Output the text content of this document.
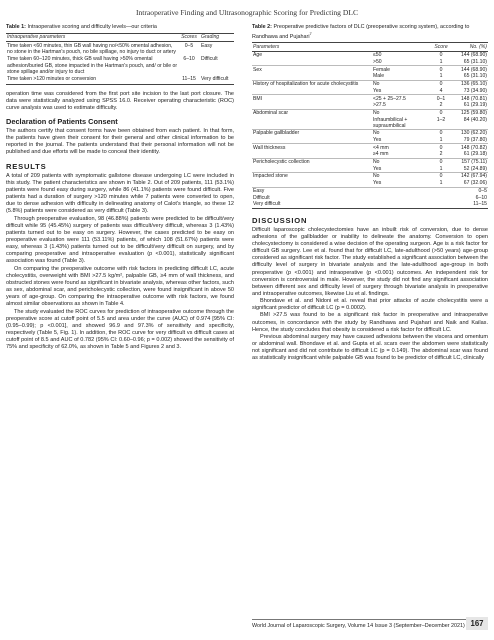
Intraoperative Finding and Ultrasonographic Scoring for Predicting DLC
Table 1: Intraoperative scoring and difficulty levels—our criteria
Intraoperative parameters	Scores	Grading
Time taken <60 minutes, thin GB wall having no/<50% omental adhesion, no stone in the Hartman's pouch, no bile spillage, no injury to duct or artery	0–5	Easy
Time taken 60–120 minutes, thick GB wall having >50% omental adhesion/buried GB, stone impacted in the Hartman's pouch, and/ or bile or stone spillage and/or injury to duct	6–10	Difficult
Time taken >120 minutes or conversion	11–15	Very difficult

operation time was considered from the first port site incision to the last port closure. The data were statistically analyzed using SPSS 16.0. Receiver operating characteristic (ROC) curve analysis was used to estimate difficulty.

Declaration of Patients Consent

The authors certify that consent forms have been obtained from each patient. In that form, the patients have given their consent for their general and other clinical information to be reported in the journal. The patients understand that their personal information will not be published and due efforts will be made to conceal their identity.

RESULTS

A total of 209 patients with symptomatic gallstone disease undergoing LC were included in this study. The patient characteristics are shown in Table 2. Out of 209 patients, 111 (53.1%) patients were found easy during surgery, while 86 (41.1%) patients were found difficult. Five patients had a duration of surgery >120 minutes while 7 patients were converted to open, due to dense adhesion with difficulty in delineating anatomy of Calot's triangle, so these 12 (5.8%) patients were considered as very difficult (Table 3).

Through preoperative evaluation, 98 (46.88%) patients were predicted to be difficult/very difficult while 95 (45.45%) surgery of patients was difficult/very difficult, whereas 3 (1.43%) patients turned out to be easy on surgery. However, the cases predicted to be easy on preoperative evaluation were 111 (53.11%) patients, of which 108 (51.67%) patients were easy, whereas 3 (1.43%) patients turned out to be difficult/very difficult on surgery, and by comparing preoperative and intraoperative evaluation (p <0.001), statistically significant association was found (Table 3).

On comparing the preoperative outcome with risk factors in predicting difficult LC, acute cholecystitis, overweight with BMI >27.5 kg/m², palpable GB, ≥4 mm of wall thickness, and obstructed stones were found as significant in bivariate analysis, whereas other factors, such as sex, abdominal scar, and pericholecystic collection, were found insignificant in above 50 years of age-group. On comparing the intraoperative outcome with risk factors, we found almost similar observations as shown in Table 4.

The study evaluated the ROC curves for prediction of intraoperative outcome through the preoperative score at cutoff point of 5.5 and area under the curve (AUC) of 0.974 [95% CI: (0.95–0.99); p <0.001], and showed 96.9 and 97.3% of sensitivity and specificity, respectively (Table 5, Fig. 1). In addition, the ROC curve for very difficult vs difficult cases at cutoff point of 8.5 and AUC of 0.782 (95% CI: 0.60–0.96; p = 0.002) showed the sensitivity of 75% and specificity of 62.0%, as shown in Table 5 and Figures 2 and 3.

Table 2: Preoperative predictive factors of DLC (preoperative scoring system), according to Randhawa and Pujahari$^7$
Parameters		Score	No. (%)
Age	≤50	0	144 (68.90)
	>50	1	65 (31.10)
Sex	Female	0	144 (68.90)
	Male	1	65 (31.10)
History of hospitalization for acute cholecystitis	No	0	136 (65.10)
	Yes	4	73 (34.90)
BMI	<25 + 25–27.5	0–1	148 (70.81)
	>27.5	2	61 (29.19)
Abdominal scar	No	0	125 (59.80)
	Infraumbilical + supraumbilical	1–2	84 (40.20)
Palpable gallbladder	No	0	130 (62.20)
	Yes	1	79 (37.80)
Wall thickness	<4 mm	0	148 (70.82)
	≥4 mm	2	61 (29.18)
Pericholecystic collection	No	0	157 (75.11)
	Yes	1	52 (24.89)
Impacted stone	No	0	142 (67.94)
	Yes	1	67 (32.06)
Easy			0–5
Difficult			6–10
Very difficult			11–15
DISCUSSION

Difficult laparoscopic cholecystectomies have an inbuilt risk of conversion, due to dense adhesions of the gallbladder or inability to delineate the anatomy. Conversion to open cholecystectomy is considered a wise decision of the operating surgeon. Age is a risk factor for difficult GB surgery. Lee et al. found that for difficult LC, late-adulthood (>50 years) age-group considered as significant risk factor. The study established a significant association between the difficulty level of surgery in bivariate analysis and the late-adulthood age-group in both preoperative (p <0.001) and intraoperative (p <0.001) outcomes. An independent risk for conversion is controversial in male. However, the study did not find any significant association between different sex and difficulty level of surgery through bivariate analysis in preoperative and intraoperative outcomes, likewise Liu et al. findings.

Bhondave et al. and Nidoni et al. reveal that prior attacks of acute cholecystitis were a significant predictor of difficult LC (p = 0.0002).

BMI >27.5 was found to be a significant risk factor in preoperative and intraoperative outcomes, in concordance with the study by Randhawa and Pujahari and Naik and Kailas. Hence, the study concludes that obesity is considered a risk factor for difficult LC.

Previous abdominal surgery may have caused adhesions between the viscera and omentum or abdominal wall. Bhondave et al. and Gupta et al. scars over the abdomen were statistically not significant and did not contribute to difficult LC (p = 0.149). The abdominal scar was found as statistically insignificant while palpable GB was found to be predictor of difficult LC, clinically

World Journal of Laparoscopic Surgery, Volume 14 Issue 3 (September–December 2021) 167
